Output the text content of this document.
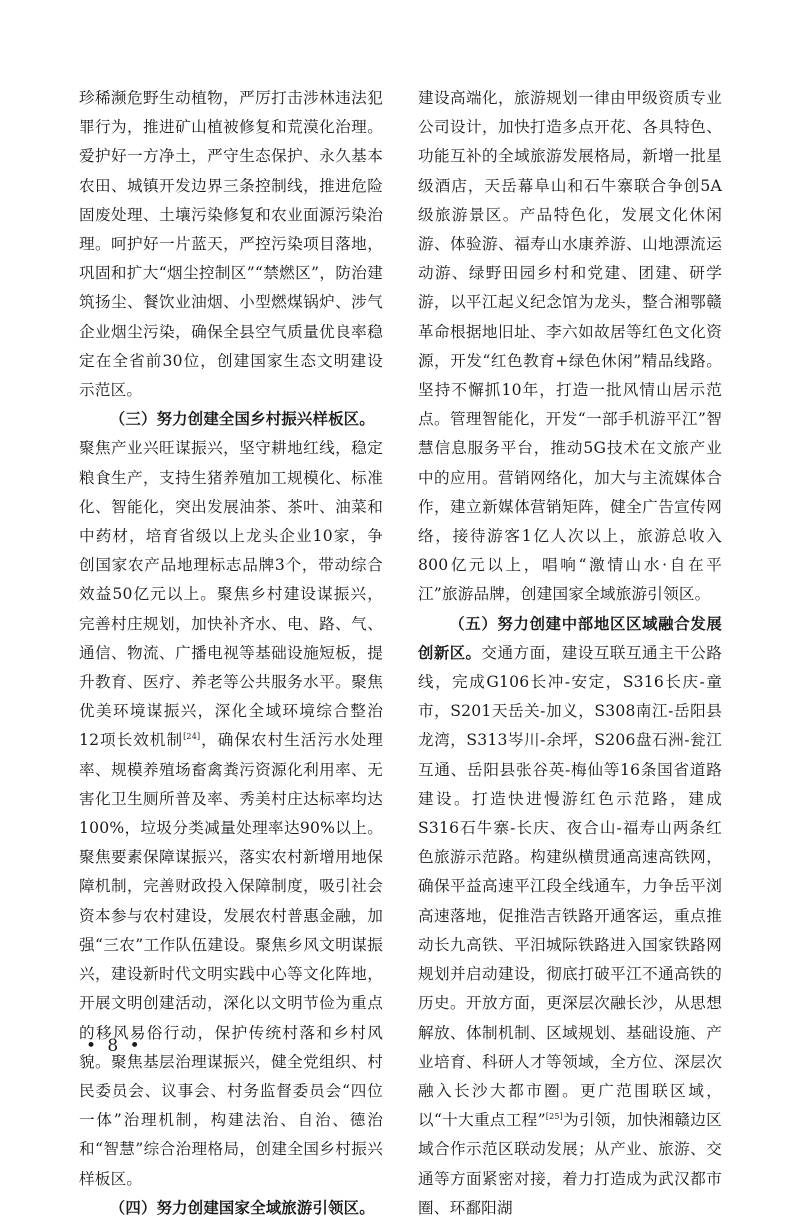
珍稀濒危野生动植物，严厉打击涉林违法犯罪行为，推进矿山植被修复和荒漠化治理。爱护好一方净土，严守生态保护、永久基本农田、城镇开发边界三条控制线，推进危险固废处理、土壤污染修复和农业面源污染治理。呵护好一片蓝天，严控污染项目落地，巩固和扩大“烟尘控制区”“禁燃区”，防治建筑扬尘、餐饮业油烟、小型燃煤锅炉、涉气企业烟尘污染，确保全县空气质量优良率稳定在全省前30位，创建国家生态文明建设示范区。

（三）努力创建全国乡村振兴样板区。

聚焦产业兴旺谋振兴，坚守耕地红线，稳定粮食生产，支持生猪养殖加工规模化、标准化、智能化，突出发展油茶、茶叶、油菜和中药材，培育省级以上龙头企业10家，争创国家农产品地理标志品牌3个，带动综合效益50亿元以上。聚焦乡村建设谋振兴，完善村庄规划，加快补齐水、电、路、气、通信、物流、广播电视等基础设施短板，提升教育、医疗、养老等公共服务水平。聚焦优美环境谋振兴，深化全域环境综合整治12项长效机制[24]，确保农村生活污水处理率、规模养殖场畜禽粪污资源化利用率、无害化卫生厕所普及率、秀美村庄达标率均达100%，垃圾分类减量处理率达90%以上。聚焦要素保障谋振兴，落实农村新增用地保障机制，完善财政投入保障制度，吸引社会资本参与农村建设，发展农村普惠金融，加强“三农”工作队伍建设。聚焦乡风文明谋振兴，建设新时代文明实践中心等文化阵地，开展文明创建活动，深化以文明节俭为重点的移风易俗行动，保护传统村落和乡村风貌。聚焦基层治理谋振兴，健全党组织、村民委员会、议事会、村务监督委员会“四位一体”治理机制，构建法治、自治、德治和“智慧”综合治理格局，创建全国乡村振兴样板区。

（四）努力创建国家全域旅游引领区。

建设高端化，旅游规划一律由甲级资质专业公司设计，加快打造多点开花、各具特色、功能互补的全域旅游发展格局，新增一批星级酒店，天岳幕阜山和石牛寨联合争创5A级旅游景区。产品特色化，发展文化休闲游、体验游、福寿山水康养游、山地漂流运动游、绿野田园乡村和党建、团建、研学游，以平江起义纪念馆为龙头，整合湘鄂赣革命根据地旧址、李六如故居等红色文化资源，开发“红色教育+绿色休闲”精品线路。坚持不懈抓10年，打造一批风情山居示范点。管理智能化，开发“一部手机游平江”智慧信息服务平台，推动5G技术在文旅产业中的应用。营销网络化，加大与主流媒体合作，建立新媒体营销矩阵，健全广告宣传网络，接待游客1亿人次以上，旅游总收入800亿元以上，唱响“激情山水·自在平江”旅游品牌，创建国家全域旅游引领区。

（五）努力创建中部地区区域融合发展创新区。交通方面，建设互联互通主干公路线，完成G106长冲-安定，S316长庆-童市，S201天岳关-加义，S308南江-岳阳县龙湾，S313岑川-余坪，S206盘石洲-瓮江互通、岳阳县张谷英-梅仙等16条国省道路建设。打造快进慢游红色示范路，建成S316石牛寨-长庆、夜合山-福寿山两条红色旅游示范路。构建纵横贯通高速高铁网，确保平益高速平江段全线通车，力争岳平浏高速落地，促推浩吉铁路开通客运，重点推动长九高铁、平汨城际铁路进入国家铁路网规划并启动建设，彻底打破平江不通高铁的历史。开放方面，更深层次融长沙，从思想解放、体制机制、区域规划、基础设施、产业培育、科研人才等领域，全方位、深层次融入长沙大都市圈。更广范围联区域，以“十大重点工程”[25]为引领，加快湘赣边区域合作示范区联动发展；从产业、旅游、交通等方面紧密对接，着力打造成为武汉都市圈、环鄱阳湖

• 8 •
